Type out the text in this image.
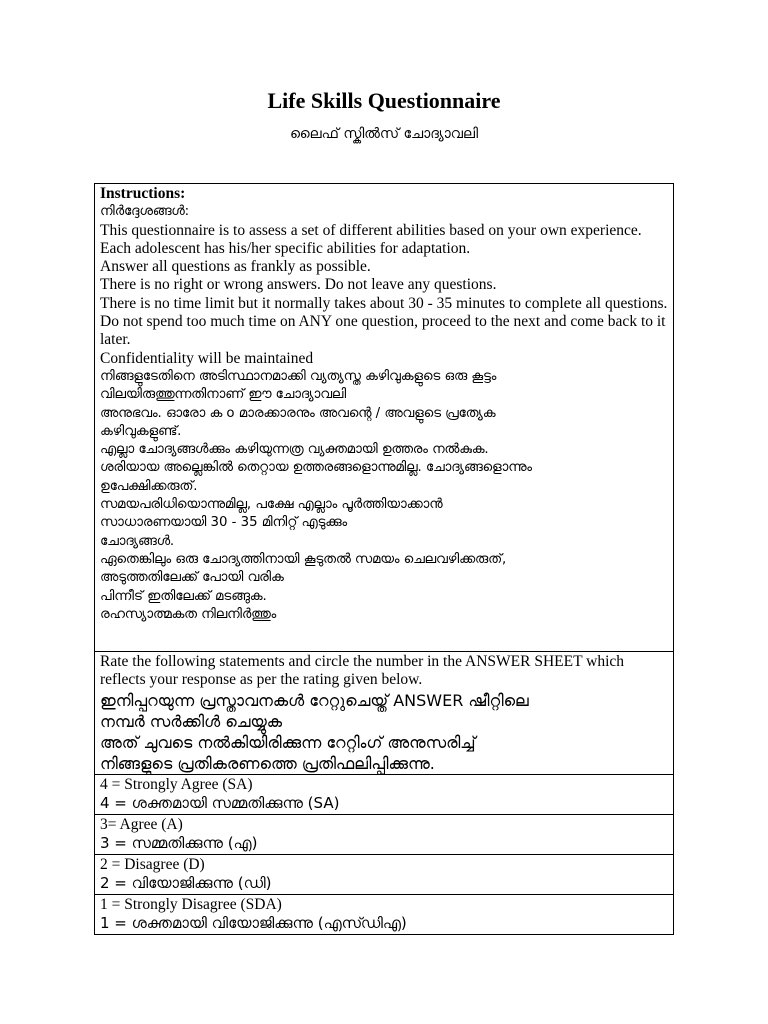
Life Skills Questionnaire
ലൈഫ് സ്കിൽസ് ചോദ്യാവലി
Instructions:
നിർദ്ദേശങ്ങൾ:
This questionnaire is to assess a set of different abilities based on your own experience. Each adolescent has his/her specific abilities for adaptation.
Answer all questions as frankly as possible.
There is no right or wrong answers. Do not leave any questions.
There is no time limit but it normally takes about 30 - 35 minutes to complete all questions.
Do not spend too much time on ANY one question, proceed to the next and come back to it later.
Confidentiality will be maintained
നിങ്ങളുടേതിനെ അടിസ്ഥാനമാക്കി വ്യത്യസ്ത കഴിവുകളുടെ ഒരു കൂട്ടം
വിലയിരുത്തുന്നതിനാണ് ഈ ചോദ്യാവലി
അനുഭവം. ഓരോ ക o മാരക്കാരനും അവന്റെ / അവളുടെ പ്രത്യേക
കഴിവുകളുണ്ട്.
എല്ലാ ചോദ്യങ്ങൾക്കും കഴിയുന്നത്ര വ്യക്തമായി ഉത്തരം നൽകുക.
ശരിയായ അല്ലെങ്കിൽ തെറ്റായ ഉത്തരങ്ങളൊന്നുമില്ല. ചോദ്യങ്ങളൊന്നും
ഉപേക്ഷിക്കരുത്.
സമയപരിധിയൊന്നുമില്ല, പക്ഷേ എല്ലാം പൂർത്തിയാക്കാൻ
സാധാരണയായി 30 - 35 മിനിറ്റ് എടുക്കും
ചോദ്യങ്ങൾ.
ഏതെങ്കിലും ഒരു ചോദ്യത്തിനായി കൂടുതൽ സമയം ചെലവഴിക്കരുത്,
അടുത്തതിലേക്ക് പോയി വരിക
പിന്നീട് ഇതിലേക്ക് മടങ്ങുക.
രഹസ്യാത്മകത നിലനിർത്തും
Rate the following statements and circle the number in the ANSWER SHEET which reflects your response as per the rating given below.
ഇനിപ്പറയുന്ന പ്രസ്താവനകൾ റേറ്റുചെയ്ത് ANSWER ഷീറ്റിലെ
നമ്പർ സർക്കിൾ ചെയ്യുക
അത് ചുവടെ നൽകിയിരിക്കുന്ന റേറ്റിംഗ് അനുസരിച്ച്
നിങ്ങളുടെ പ്രതികരണത്തെ പ്രതിഫലിപ്പിക്കുന്നു.
4 = Strongly Agree (SA)
4 = ശക്തമായി സമ്മതിക്കുന്നു (SA)
3= Agree (A)
3 = സമ്മതിക്കുന്നു (എ)
2 = Disagree (D)
2 = വിയോജിക്കുന്നു (ഡി)
1 = Strongly Disagree (SDA)
1 = ശക്തമായി വിയോജിക്കുന്നു (എസ്ഡിഎ)
